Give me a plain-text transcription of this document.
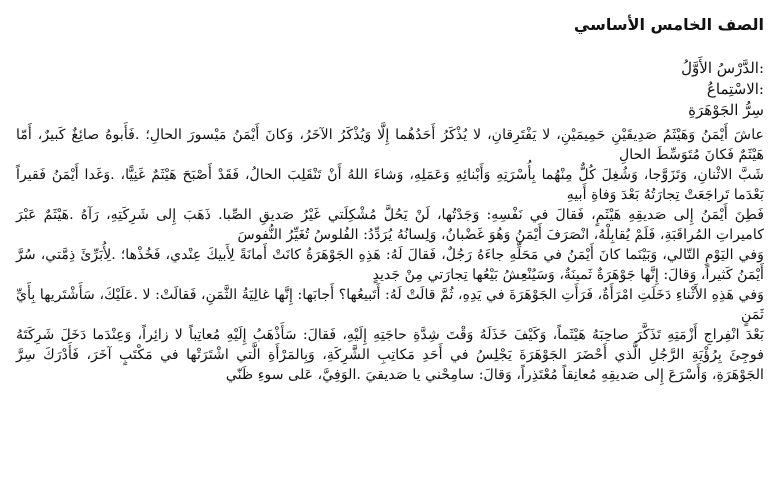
الصف الخامس الأساسي
:الدَّرْسُ الأَوَّلُ
:الاسْتِماعُ
سِرُّ الجَوْهَرَةِ

عاشَ أَيْمَنُ وَهَيْثَمُ صَدِيقَيْنِ حَمِيمَيْنِ، لا يَفْتَرِقانِ، لا يُذْكَرُ أَحَدُهُما إِلَّا وَيُذْكَرُ الآخَرُ، وَكانَ أَيْمَنُ مَيْسورَ الحالِ؛ .فَأَبوهُ صائِغٌ كَبيرٌ، أَمّا هَيْثَمٌ فَكانَ مُتَوَسِّطَ الحالِ

شَبَّ الاثْنانِ، وَتَزَوَّجا، وَشُغِلَ كُلٌّ مِنْهُما بِأُسْرَتِهِ وَأَبْنائِهِ وَعَمَلِهِ، وَشاءَ اللهُ أَنْ تَنْقَلِبَ الحالُ، فَقَدْ أَصْبَحَ هَيْثَمٌ غَنِيًّا، .وَغَدا أَيْمَنُ فَقيراً بَعْدَما تَراجَعَتْ تِجارَتُهُ بَعْدَ وَفاةِ أَبيهِ

فَطِنَ أَيْمَنُ إِلى صَديقِهِ هَيْثَمٍ، فَقالَ في نَفْسِهِ: وَجَدْتُها، لَنْ يَحُلَّ مُشْكِلَتي غَيْرُ صَديقِ الصِّبا. ذَهَبَ إِلى شَرِكَتِهِ، رَآهُ .هَيْثَمٌ عَبْرَ كاميراتِ المُراقَبَةِ، فَلَمْ يُقابِلْهُ، انْصَرَفَ أَيْمَنُ وَهُوَ غَضْبانُ، وَلِسانُهُ يُرَدِّدُ: الفُلوسُ تُغَيِّرُ النُّفوسَ

وَفي اليَوْمِ التّالي، وَبَيْنَما كانَ أَيْمَنُ في مَحَلِّهِ جاءَهُ رَجُلٌ، فَقالَ لَهُ: هَذِهِ الجَوْهَرَةُ كانَتْ أَمانَةً لِأَبيكَ عِنْدي، فَخُذْها؛ .لِأُبَرِّئَ ذِمَّتي، سُرَّ أَيْمَنُ كَثيراً، وَقالَ: إِنَّها جَوْهَرَةٌ ثَمينَةٌ، وَسَيُنْعِشُ بَيْعُها تِجارَتي مِنْ جَديدٍ

وَفي هَذِهِ الأَثْناءِ دَخَلَتِ امْرَأَةٌ، فَرَأَتِ الجَوْهَرَةَ في يَدِهِ، ثُمَّ قالَتْ لَهُ: أَتَبيعُها؟ أَجابَها: إِنَّها غالِيَةُ الثَّمَنِ، فَقالَتْ: لا .عَلَيْكَ، سَأَشْتَريها بِأَيِّ ثَمَنٍ

بَعْدَ انْفِراجِ أَزْمَتِهِ تَذَكَّرَ صاحِبَهُ هَيْثَماً، وَكَيْفَ خَذَلَهُ وَقْتَ شِدَّةِ حاجَتِهِ إِلَيْهِ، فَقالَ: سَأَذْهَبُ إِلَيْهِ مُعاتِباً لا زائِراً، وَعِنْدَما دَخَلَ شَرِكَتَهُ فوجِئَ بِرُؤْيَةِ الرَّجُلِ الَّذي أَحْضَرَ الجَوْهَرَةَ يَجْلِسُ في أَحَدِ مَكاتِبِ الشَّرِكَةِ، وَبِالمَرْأَةِ الَّتي اشْتَرَتْها في مَكْتَبٍ آخَرَ، فَأَدْرَكَ سِرَّ الجَوْهَرَةِ، وَأَسْرَعَ إِلى صَديقِهِ مُعانِقاً مُعْتَذِراً، وَقالَ: سامِحْني يا صَديقيَ .الوَفِيَّ، عَلى سوءِ ظَنّي
